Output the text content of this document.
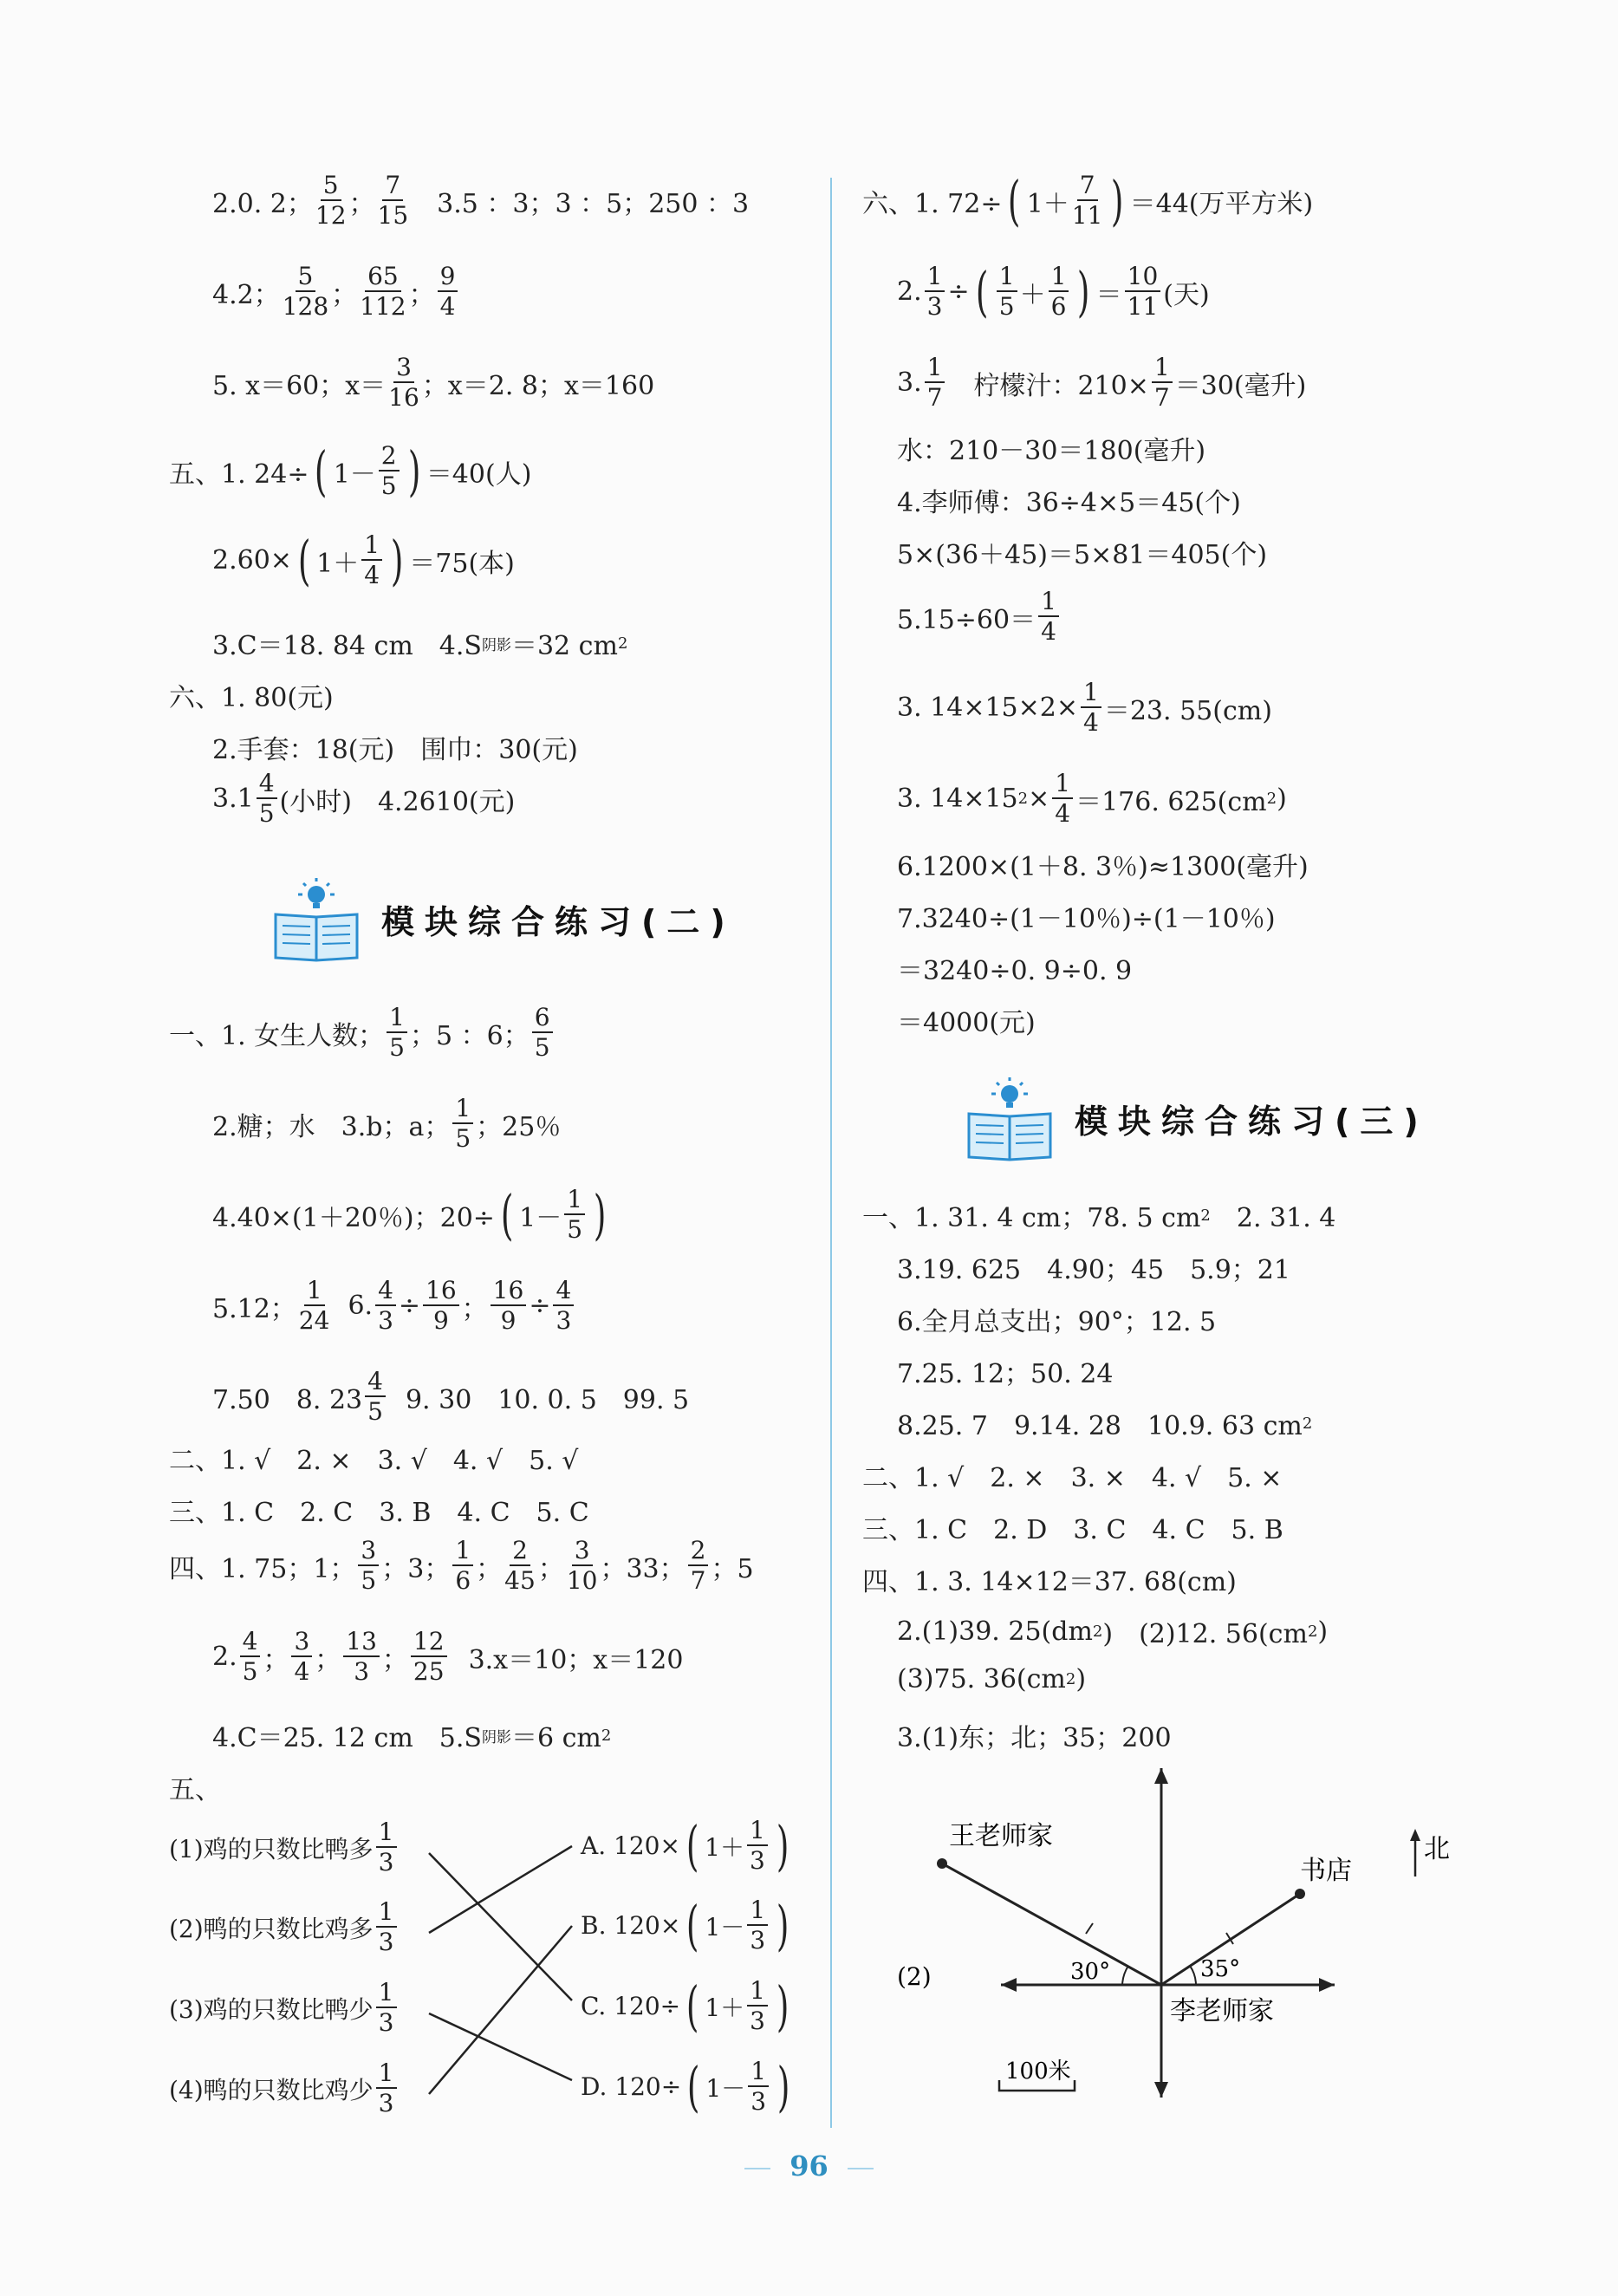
2.0. 2； $\frac{5}{12}$ ； $\frac{7}{15} 3.5$ ：3；3 ：5；250 ：3
4.2； $\frac{5}{128}$ ； $\frac{65}{112}$ ； $\frac{9}{4}$
5. x＝60；$x= \frac{3}{16}$ ；x＝2. 8；x＝160
五、1. 24÷ ( $1- \frac{2}{5}$ ) ＝40(人)
2.60× ( $1+ \frac{1}{4}$ ) ＝75(本)
3.C＝18. 84 cm　4.S 阴影 ＝32 cm 2
六、1. 80(元)
2.手套：18(元)　围巾：30(元)
$3.1 \frac{4}{5}$ (小时)　4.2610(元)
模块综合练习(二)
一、1. 女生人数； $\frac{1}{5}$ ；5 ：6； $\frac{6}{5}$
2.糖；水　3.b；a； $\frac{1}{5}$ ；25％
4.40×(1＋20％)；20÷ ( $1- \frac{1}{5}$ )
5.12； $\frac{1}{24} 6$. $\frac{4}{3} \div \frac{16}{9}$ ； $\frac{16}{9} \div \frac{4}{3}$
7.50　8. $23 \frac{4}{5} 9$. 30　10. 0. 5　99. 5
二、1. √　2. ×　3. √　4. √　5. √
三、1. C　2. C　3. B　4. C　5. C
四、1. 75；1； $\frac{3}{5}$ ；3； $\frac{1}{6}$ ； $\frac{2}{45}$ ； $\frac{3}{10}$ ；33； $\frac{2}{7}$ ；5
2. $\frac{4}{5}$ ； $\frac{3}{4}$ ； $\frac{13}{3}$ ； $\frac{12}{25} 3.x=10$；x＝120
4.C＝25. 12 cm　5.S 阴影 ＝6 cm 2
五、
(1)鸡的只数比鸭多 $\frac{1}{3}$
(2)鸭的只数比鸡多 $\frac{1}{3}$
(3)鸡的只数比鸭少 $\frac{1}{3}$
(4)鸭的只数比鸡少 $\frac{1}{3}$
A. 120× ( $1+ \frac{1}{3}$ )
B. 120× ( $1- \frac{1}{3}$ )
C. 120÷ ( $1+ \frac{1}{3}$ )
D. 120÷ ( $1- \frac{1}{3}$ )
六、1. 72÷ ( $1+ \frac{7}{11}$ ) ＝44(万平方米)
2. $\frac{1}{3}$ ÷ ( $\frac{1}{5} + \frac{1}{6}$ ) ＝ $\frac{10}{11}$ (天)
3. $\frac{1}{7}$ 柠檬汁：$210\times \frac{1}{7} =30$(毫升)
水：210－30＝180(毫升)
4.李师傅：36÷4×5＝45(个)
5×(36＋45)＝5×81＝405(个)
$5.15\div 60= \frac{1}{4}$
3. $14\times 15\times 2\times \frac{1}{4} =23$. 55(cm)
3. 14×15 $2 \times \frac{1}{4} =176$. 625(cm 2 )
6.1200×(1＋8. 3％)≈1300(毫升)
7.3240÷(1－10％)÷(1－10％)
＝3240÷0. 9÷0. 9
＝4000(元)
模块综合练习(三)
一、1. 31. 4 cm；78. 5 cm 2 　2. 31. 4
3.19. 625　4.90；45　5.9；21
6.全月总支出；90°；12. 5
7.25. 12；50. 24
8.25. 7　9.14. 28　10.9. 63 cm 2
二、1. √　2. ×　3. ×　4. √　5. ×
三、1. C　2. D　3. C　4. C　5. B
四、1. 3. 14×12＝37. 68(cm)
2.(1)39. 25(dm 2 )　(2)12. 56(cm 2 )
(3)75. 36(cm 2 )
3.(1)东；北；35；200
(2)	30°	35°
王老师家
书店
李老师家
北
100米
96
